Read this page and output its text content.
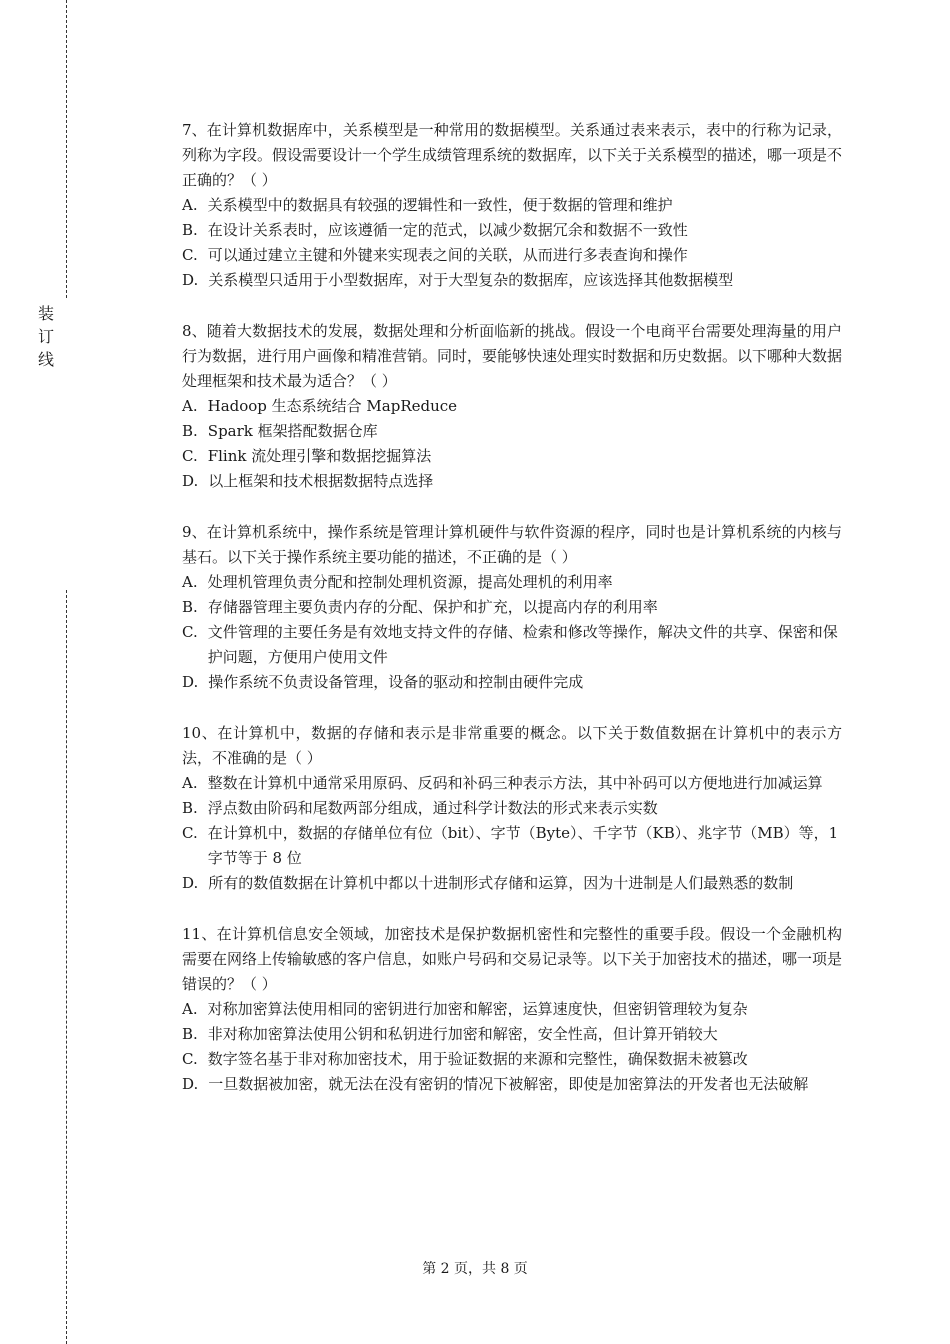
装
订
线
7、在计算机数据库中，关系模型是一种常用的数据模型。关系通过表来表示，表中的行称为记录，列称为字段。假设需要设计一个学生成绩管理系统的数据库，以下关于关系模型的描述，哪一项是不正确的？（ ）
A. 关系模型中的数据具有较强的逻辑性和一致性，便于数据的管理和维护
B. 在设计关系表时，应该遵循一定的范式，以减少数据冗余和数据不一致性
C. 可以通过建立主键和外键来实现表之间的关联，从而进行多表查询和操作
D. 关系模型只适用于小型数据库，对于大型复杂的数据库，应该选择其他数据模型
8、随着大数据技术的发展，数据处理和分析面临新的挑战。假设一个电商平台需要处理海量的用户行为数据，进行用户画像和精准营销。同时，要能够快速处理实时数据和历史数据。以下哪种大数据处理框架和技术最为适合？（ ）
A. Hadoop 生态系统结合 MapReduce
B. Spark 框架搭配数据仓库
C. Flink 流处理引擎和数据挖掘算法
D. 以上框架和技术根据数据特点选择
9、在计算机系统中，操作系统是管理计算机硬件与软件资源的程序，同时也是计算机系统的内核与基石。以下关于操作系统主要功能的描述，不正确的是（ ）
A. 处理机管理负责分配和控制处理机资源，提高处理机的利用率
B. 存储器管理主要负责内存的分配、保护和扩充，以提高内存的利用率
C. 文件管理的主要任务是有效地支持文件的存储、检索和修改等操作，解决文件的共享、保密和保护问题，方便用户使用文件
D. 操作系统不负责设备管理，设备的驱动和控制由硬件完成
10、在计算机中，数据的存储和表示是非常重要的概念。以下关于数值数据在计算机中的表示方法，不准确的是（ ）
A. 整数在计算机中通常采用原码、反码和补码三种表示方法，其中补码可以方便地进行加减运算
B. 浮点数由阶码和尾数两部分组成，通过科学计数法的形式来表示实数
C. 在计算机中，数据的存储单位有位（bit）、字节（Byte）、千字节（KB）、兆字节（MB）等，1 字节等于 8 位
D. 所有的数值数据在计算机中都以十进制形式存储和运算，因为十进制是人们最熟悉的数制
11、在计算机信息安全领域，加密技术是保护数据机密性和完整性的重要手段。假设一个金融机构需要在网络上传输敏感的客户信息，如账户号码和交易记录等。以下关于加密技术的描述，哪一项是错误的？（ ）
A. 对称加密算法使用相同的密钥进行加密和解密，运算速度快，但密钥管理较为复杂
B. 非对称加密算法使用公钥和私钥进行加密和解密，安全性高，但计算开销较大
C. 数字签名基于非对称加密技术，用于验证数据的来源和完整性，确保数据未被篡改
D. 一旦数据被加密，就无法在没有密钥的情况下被解密，即使是加密算法的开发者也无法破解
第 2 页，共 8 页
